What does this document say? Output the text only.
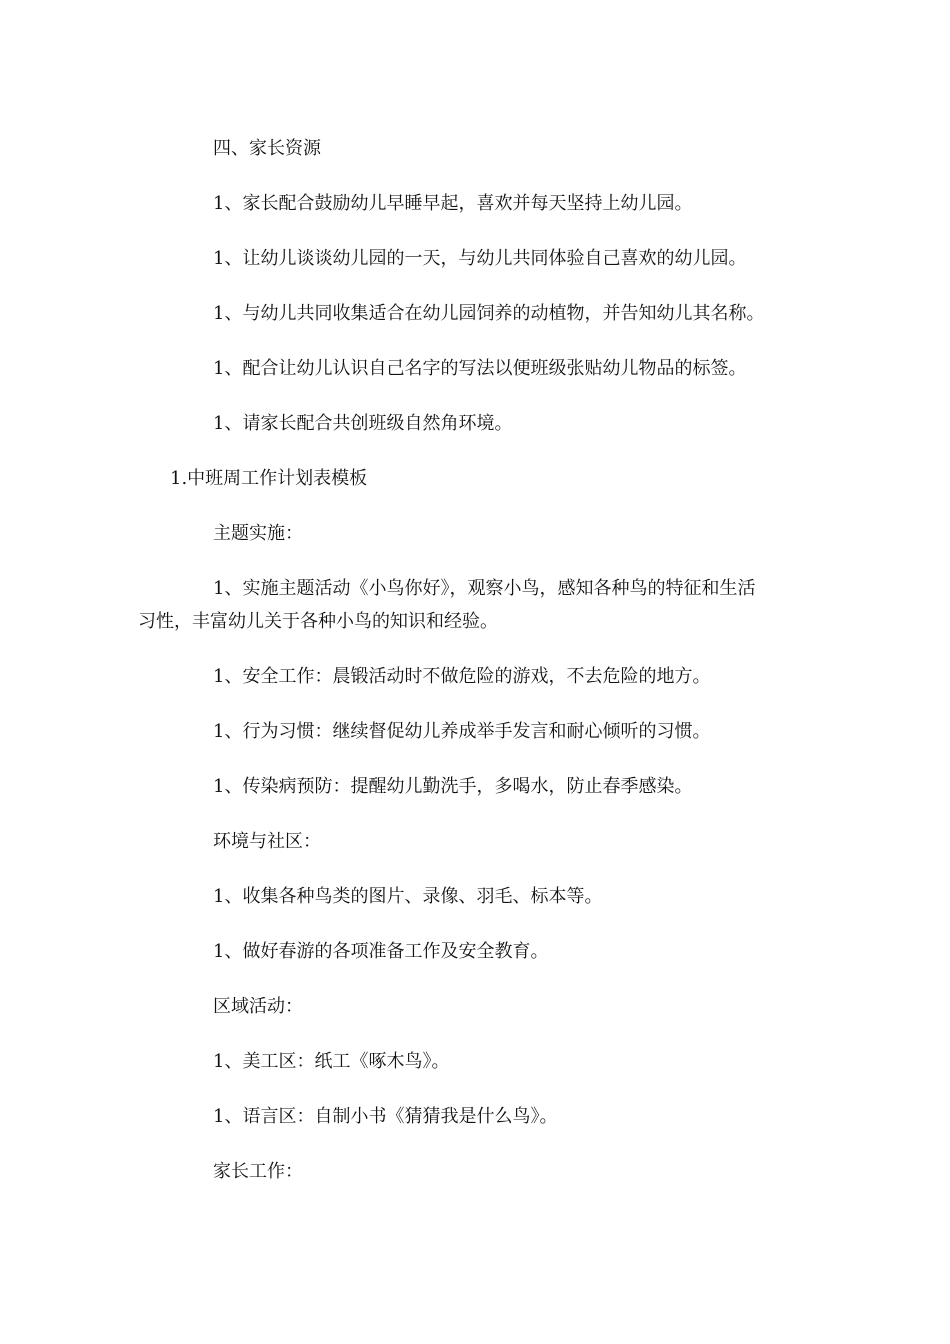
四、家长资源

1、家长配合鼓励幼儿早睡早起，喜欢并每天坚持上幼儿园。

1、让幼儿谈谈幼儿园的一天，与幼儿共同体验自己喜欢的幼儿园。

1、与幼儿共同收集适合在幼儿园饲养的动植物，并告知幼儿其名称。

1、配合让幼儿认识自己名字的写法以便班级张贴幼儿物品的标签。

1、请家长配合共创班级自然角环境。

1.中班周工作计划表模板

主题实施：

1、实施主题活动《小鸟你好》，观察小鸟，感知各种鸟的特征和生活

习性，丰富幼儿关于各种小鸟的知识和经验。

1、安全工作：晨锻活动时不做危险的游戏，不去危险的地方。

1、行为习惯：继续督促幼儿养成举手发言和耐心倾听的习惯。

1、传染病预防：提醒幼儿勤洗手，多喝水，防止春季感染。

环境与社区：

1、收集各种鸟类的图片、录像、羽毛、标本等。

1、做好春游的各项准备工作及安全教育。

区域活动：

1、美工区：纸工《啄木鸟》。

1、语言区：自制小书《猜猜我是什么鸟》。

家长工作：
